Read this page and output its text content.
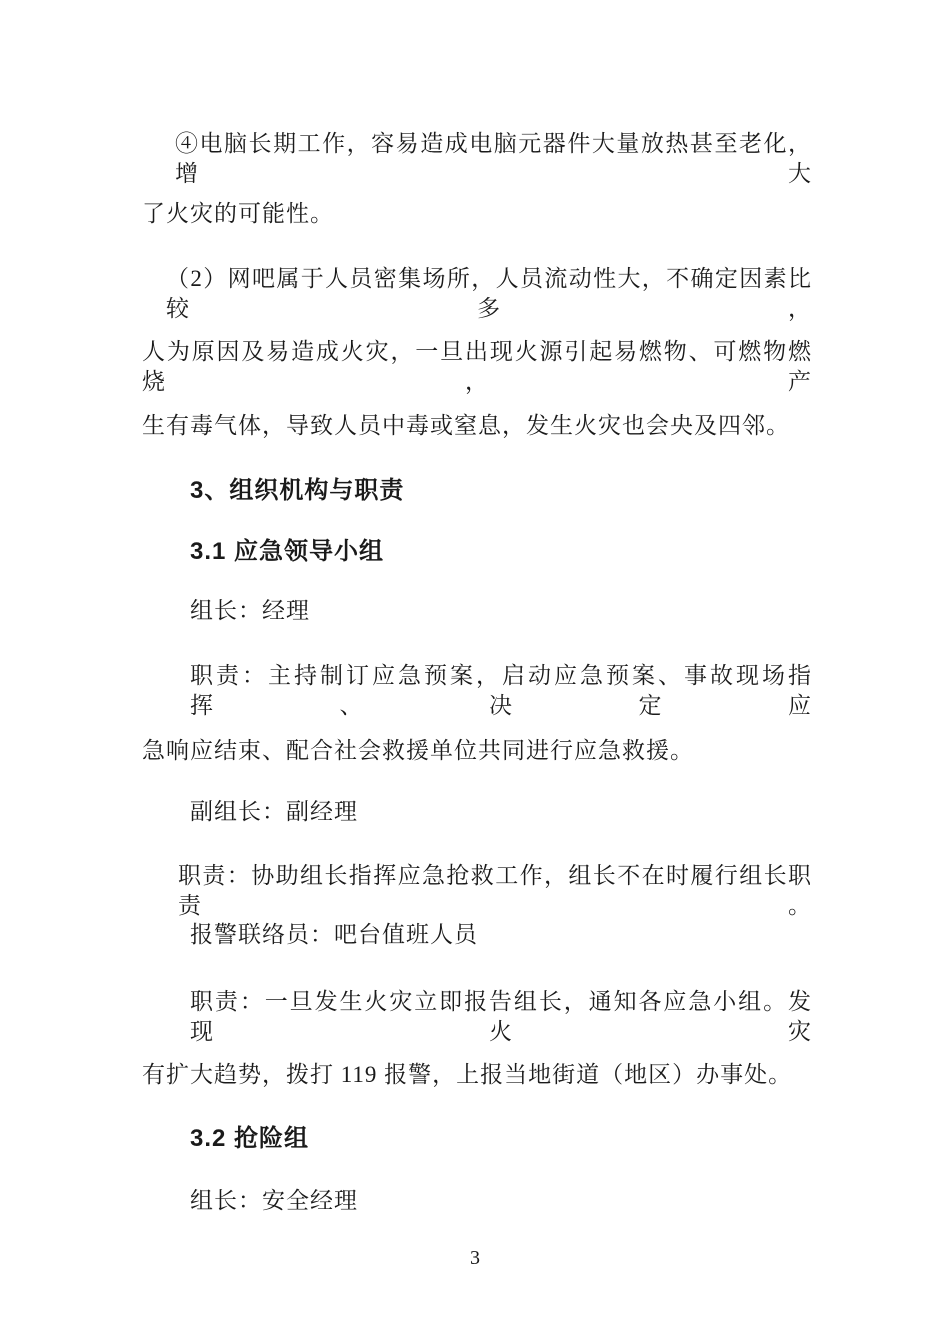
④电脑长期工作，容易造成电脑元器件大量放热甚至老化，增大

了火灾的可能性。

（2）网吧属于人员密集场所，人员流动性大，不确定因素比较多，

人为原因及易造成火灾，一旦出现火源引起易燃物、可燃物燃烧，产

生有毒气体，导致人员中毒或窒息，发生火灾也会央及四邻。

3、组织机构与职责

3.1 应急领导小组

组长：经理

职责：主持制订应急预案，启动应急预案、事故现场指挥、决定应

急响应结束、配合社会救援单位共同进行应急救援。

副组长：副经理

职责：协助组长指挥应急抢救工作，组长不在时履行组长职责。

报警联络员：吧台值班人员

职责：一旦发生火灾立即报告组长，通知各应急小组。发现火灾

有扩大趋势，拨打 119 报警，上报当地街道（地区）办事处。

3.2 抢险组

组长：安全经理

3
